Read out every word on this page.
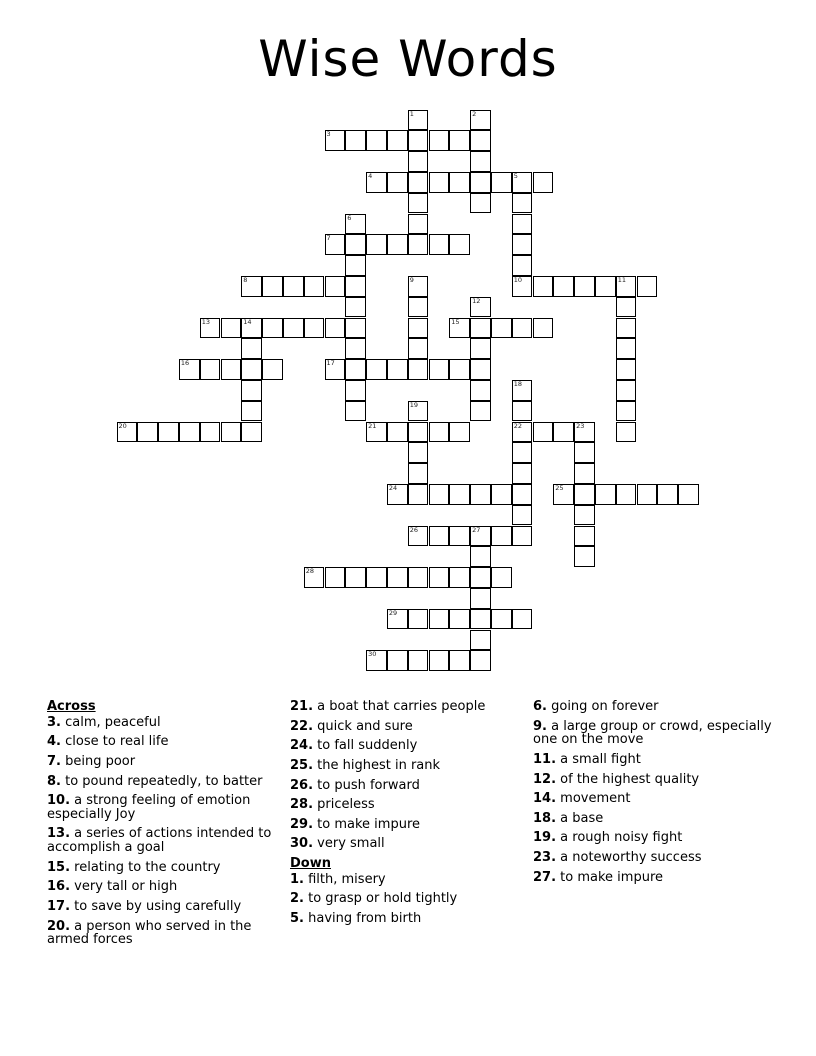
Wise Words
1	2
3
4	5
10
6
7
8	9	11
12
13	14	15
16	17
18
22
19
20	21	23
24	25
26	27
28
29
30
Across
3. calm, peaceful
4. close to real life
7. being poor
8. to pound repeatedly, to batter
10. a strong feeling of emotion especially Joy
13. a series of actions intended to accomplish a goal
15. relating to the country
16. very tall or high
17. to save by using carefully
20. a person who served in the armed forces
21. a boat that carries people
22. quick and sure
24. to fall suddenly
25. the highest in rank
26. to push forward
28. priceless
29. to make impure
30. very small
Down
1. filth, misery
2. to grasp or hold tightly
5. having from birth
6. going on forever
9. a large group or crowd, especially one on the move
11. a small fight
12. of the highest quality
14. movement
18. a base
19. a rough noisy fight
23. a noteworthy success
27. to make impure
